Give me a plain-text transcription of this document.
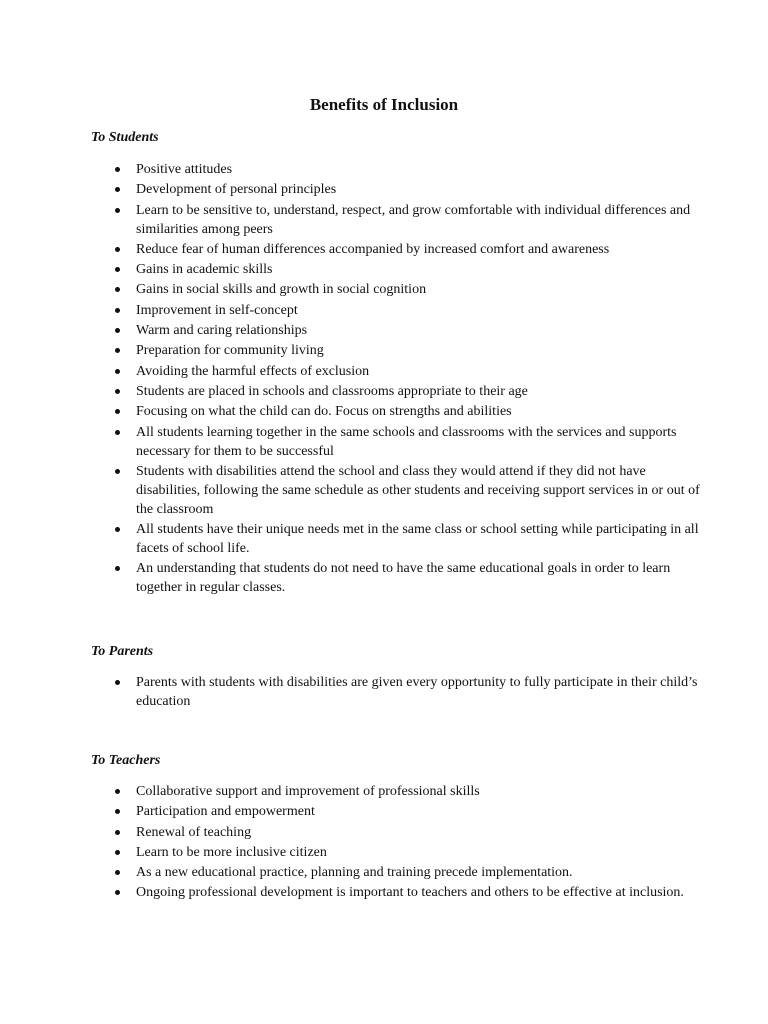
Benefits of Inclusion
To Students
Positive attitudes
Development of personal principles
Learn to be sensitive to, understand, respect, and grow comfortable with individual differences and similarities among peers
Reduce fear of human differences accompanied by increased comfort and awareness
Gains in academic skills
Gains in social skills and growth in social cognition
Improvement in self-concept
Warm and caring relationships
Preparation for community living
Avoiding the harmful effects of exclusion
Students are placed in schools and classrooms appropriate to their age
Focusing on what the child can do. Focus on strengths and abilities
All students learning together in the same schools and classrooms with the services and supports necessary for them to be successful
Students with disabilities attend the school and class they would attend if they did not have disabilities, following the same schedule as other students and receiving support services in or out of the classroom
All students have their unique needs met in the same class or school setting while participating in all facets of school life.
An understanding that students do not need to have the same educational goals in order to learn together in regular classes.
To Parents
Parents with students with disabilities are given every opportunity to fully participate in their child’s education
To Teachers
Collaborative support and improvement of professional skills
Participation and empowerment
Renewal of teaching
Learn to be more inclusive citizen
As a new educational practice, planning and training precede implementation.
Ongoing professional development is important to teachers and others to be effective at inclusion.
